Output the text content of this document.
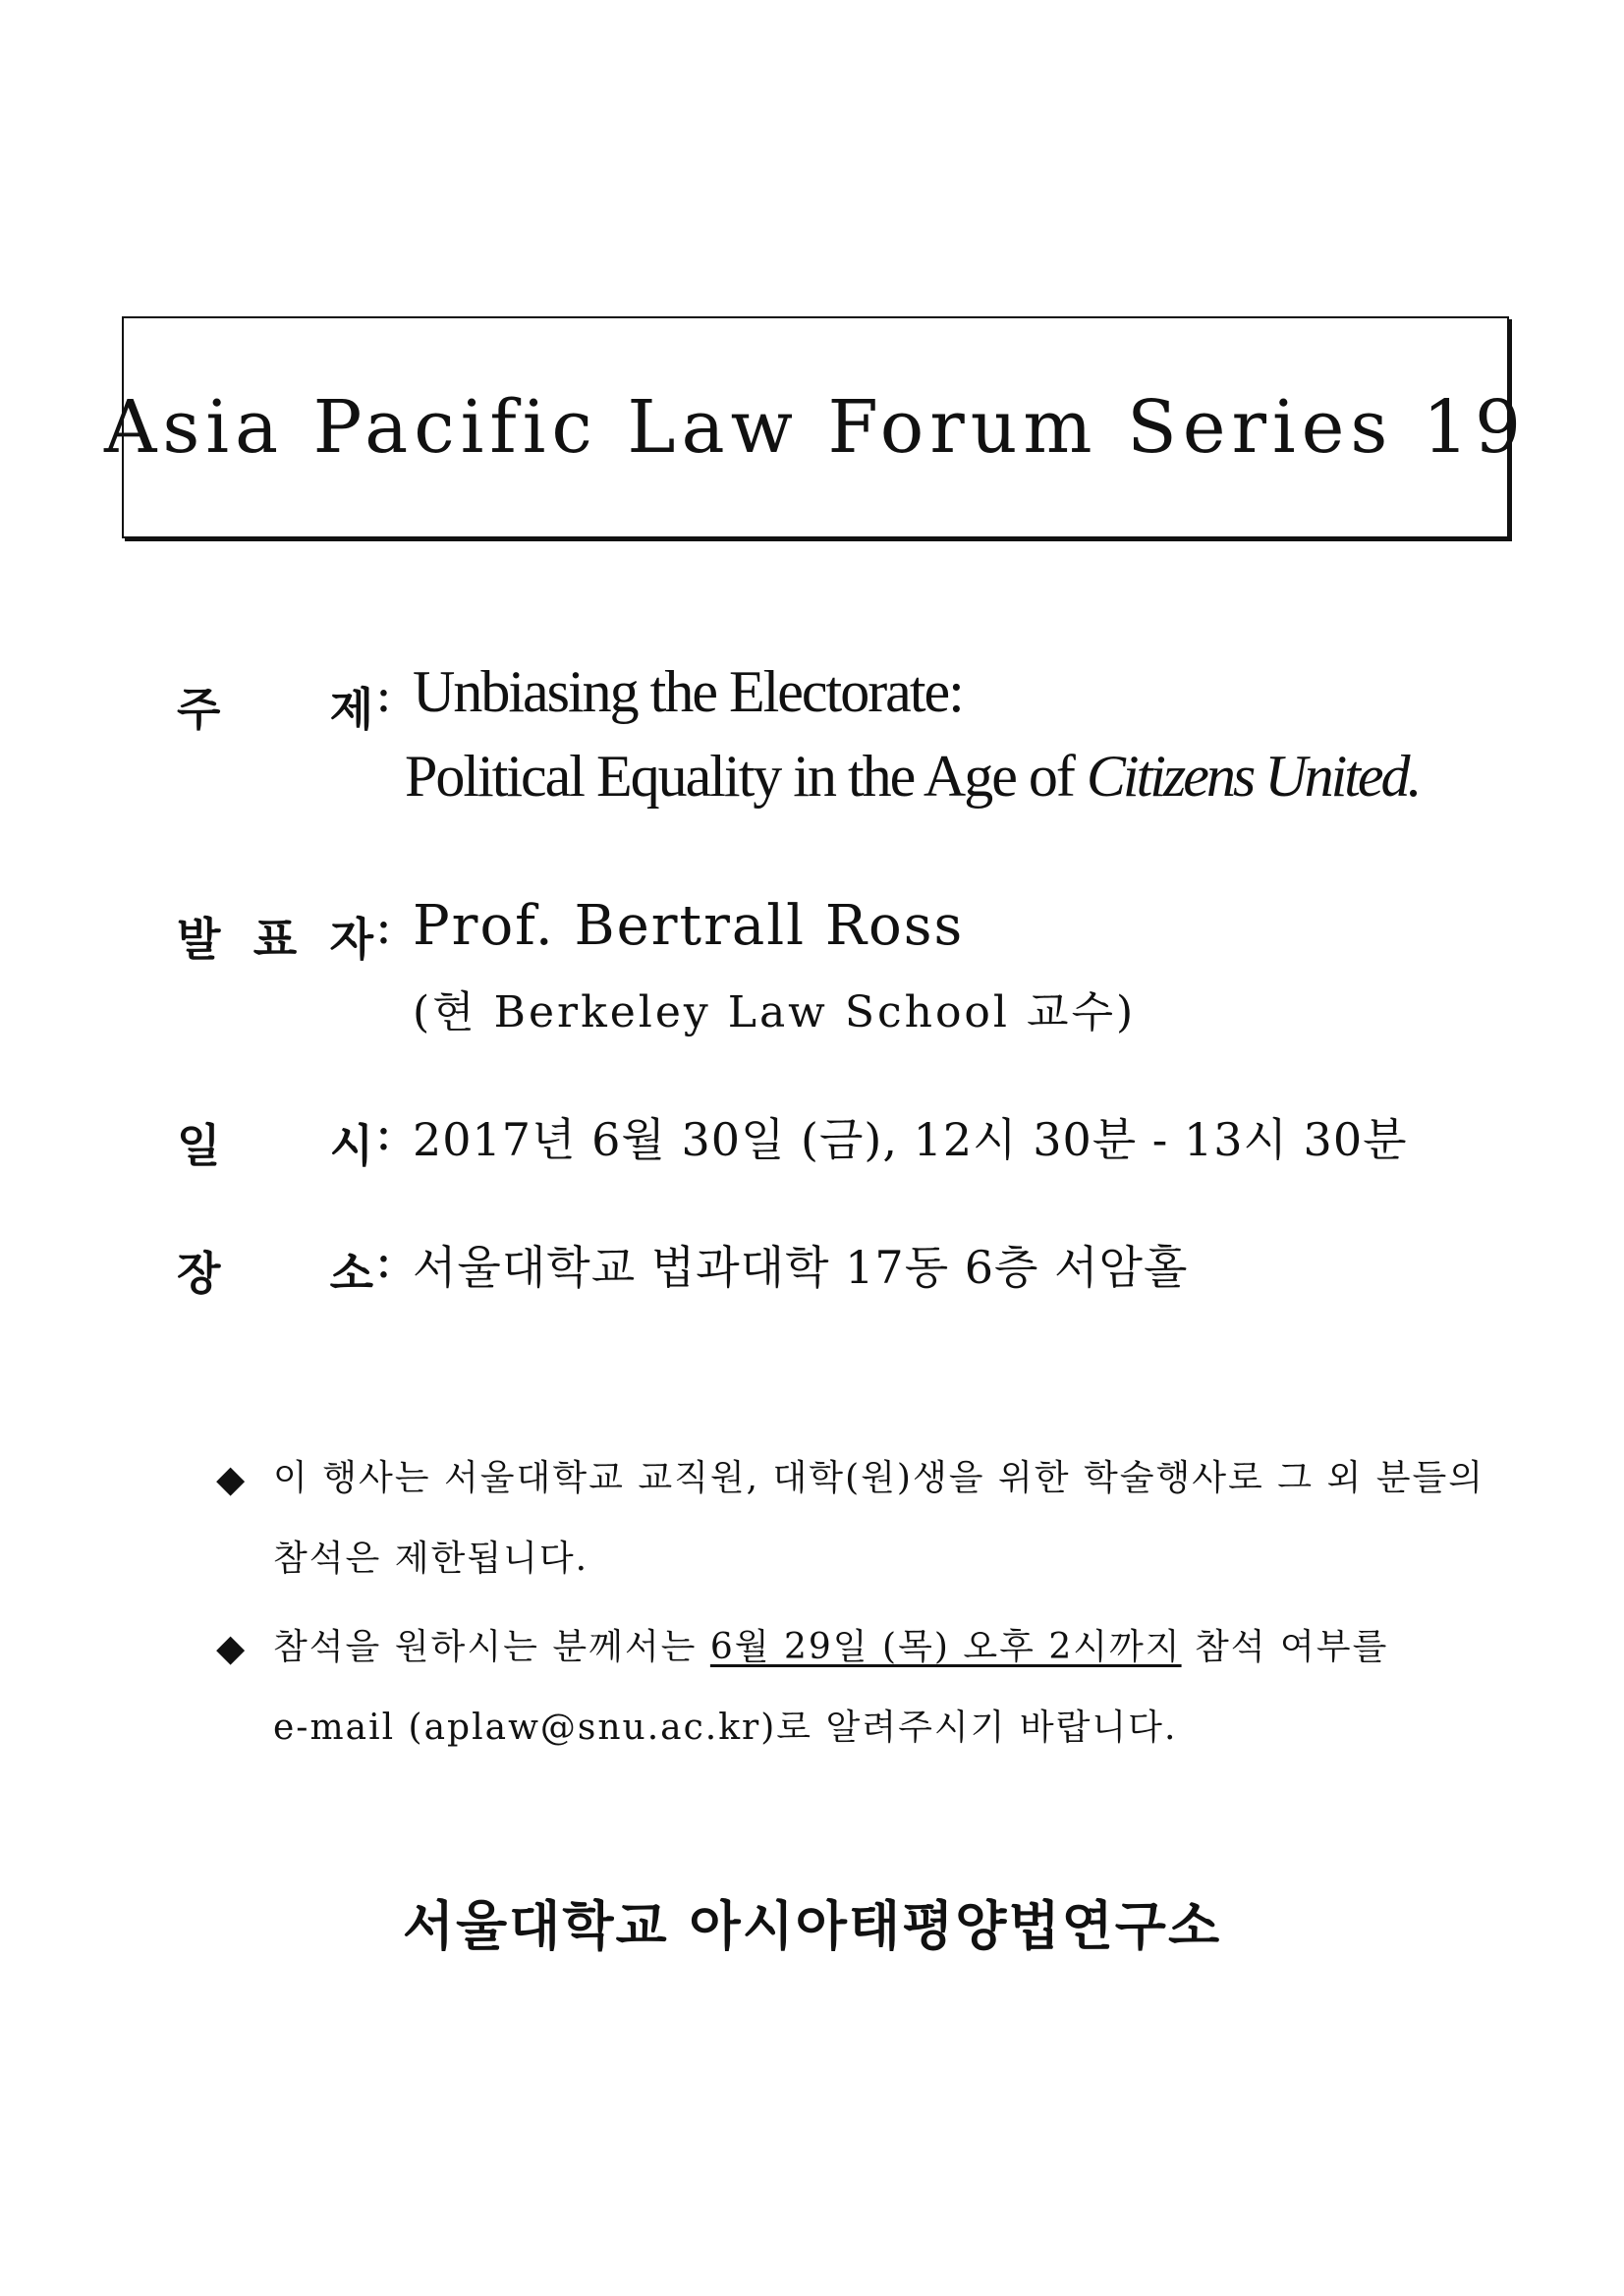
Asia Pacific Law Forum Series 19
주 제 : Unbiasing the Electorate:
Political Equality in the Age of Citizens United.
발 표 자 : Prof. Bertrall Ross
(현 Berkeley Law School 교수)
일 시 : 2017년 6월 30일 (금), 12시 30분 - 13시 30분
장 소 : 서울대학교 법과대학 17동 6층 서암홀
◆ 이 행사는 서울대학교 교직원, 대학(원)생을 위한 학술행사로 그 외 분들의
참석은 제한됩니다.
◆ 참석을 원하시는 분께서는 6월 29일 (목) 오후 2시까지 참석 여부를
e-mail (aplaw@snu.ac.kr)로 알려주시기 바랍니다.
서울대학교 아시아태평양법연구소
